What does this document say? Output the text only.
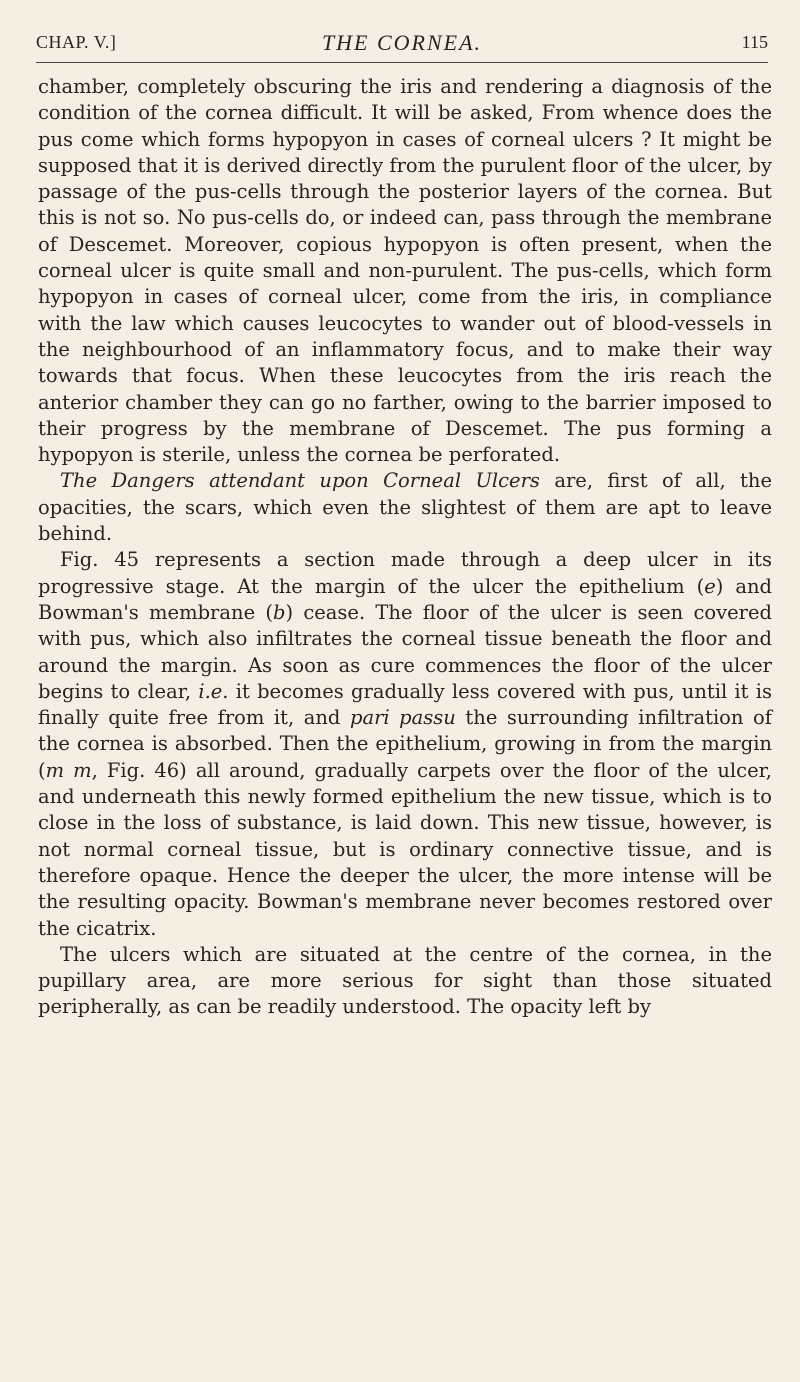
CHAP. V.]	THE CORNEA.	115

chamber, completely obscuring the iris and rendering a diagnosis of the condition of the cornea difficult. It will be asked, From whence does the pus come which forms hypopyon in cases of corneal ulcers ? It might be supposed that it is derived directly from the purulent floor of the ulcer, by passage of the pus-cells through the posterior layers of the cornea. But this is not so. No pus-cells do, or indeed can, pass through the membrane of Descemet. Moreover, copious hypopyon is often present, when the corneal ulcer is quite small and non-purulent. The pus-cells, which form hypopyon in cases of corneal ulcer, come from the iris, in compliance with the law which causes leucocytes to wander out of blood-vessels in the neighbourhood of an inflammatory focus, and to make their way towards that focus. When these leucocytes from the iris reach the anterior chamber they can go no farther, owing to the barrier imposed to their progress by the membrane of Descemet. The pus forming a hypopyon is sterile, unless the cornea be perforated.

The Dangers attendant upon Corneal Ulcers are, first of all, the opacities, the scars, which even the slightest of them are apt to leave behind.

Fig. 45 represents a section made through a deep ulcer in its progressive stage. At the margin of the ulcer the epithelium (e) and Bowman's membrane (b) cease. The floor of the ulcer is seen covered with pus, which also infiltrates the corneal tissue beneath the floor and around the margin. As soon as cure commences the floor of the ulcer begins to clear, i.e. it becomes gradually less covered with pus, until it is finally quite free from it, and pari passu the surrounding infiltration of the cornea is absorbed. Then the epithelium, growing in from the margin (m m, Fig. 46) all around, gradually carpets over the floor of the ulcer, and underneath this newly formed epithelium the new tissue, which is to close in the loss of substance, is laid down. This new tissue, however, is not normal corneal tissue, but is ordinary connective tissue, and is therefore opaque. Hence the deeper the ulcer, the more intense will be the resulting opacity. Bowman's membrane never becomes restored over the cicatrix.

The ulcers which are situated at the centre of the cornea, in the pupillary area, are more serious for sight than those situated peripherally, as can be readily understood. The opacity left by
